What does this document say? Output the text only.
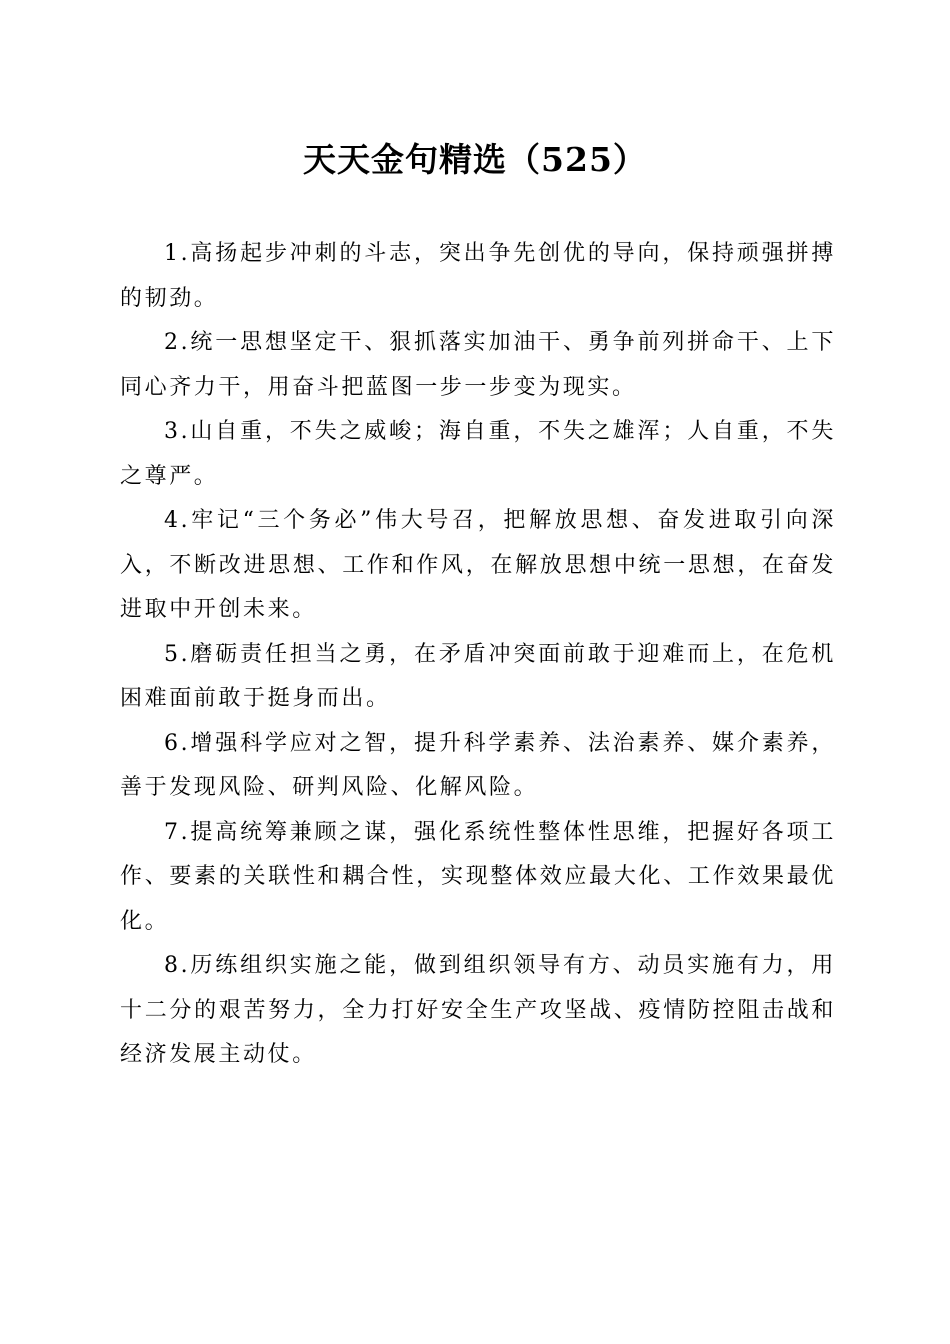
天天金句精选（525）

1.高扬起步冲刺的斗志，突出争先创优的导向，保持顽强拼搏的韧劲。

2.统一思想坚定干、狠抓落实加油干、勇争前列拼命干、上下同心齐力干，用奋斗把蓝图一步一步变为现实。

3.山自重，不失之威峻；海自重，不失之雄浑；人自重，不失之尊严。

4.牢记“三个务必”伟大号召，把解放思想、奋发进取引向深入，不断改进思想、工作和作风，在解放思想中统一思想，在奋发进取中开创未来。

5.磨砺责任担当之勇，在矛盾冲突面前敢于迎难而上，在危机困难面前敢于挺身而出。

6.增强科学应对之智，提升科学素养、法治素养、媒介素养，善于发现风险、研判风险、化解风险。

7.提高统筹兼顾之谋，强化系统性整体性思维，把握好各项工作、要素的关联性和耦合性，实现整体效应最大化、工作效果最优化。

8.历练组织实施之能，做到组织领导有方、动员实施有力，用十二分的艰苦努力，全力打好安全生产攻坚战、疫情防控阻击战和经济发展主动仗。
